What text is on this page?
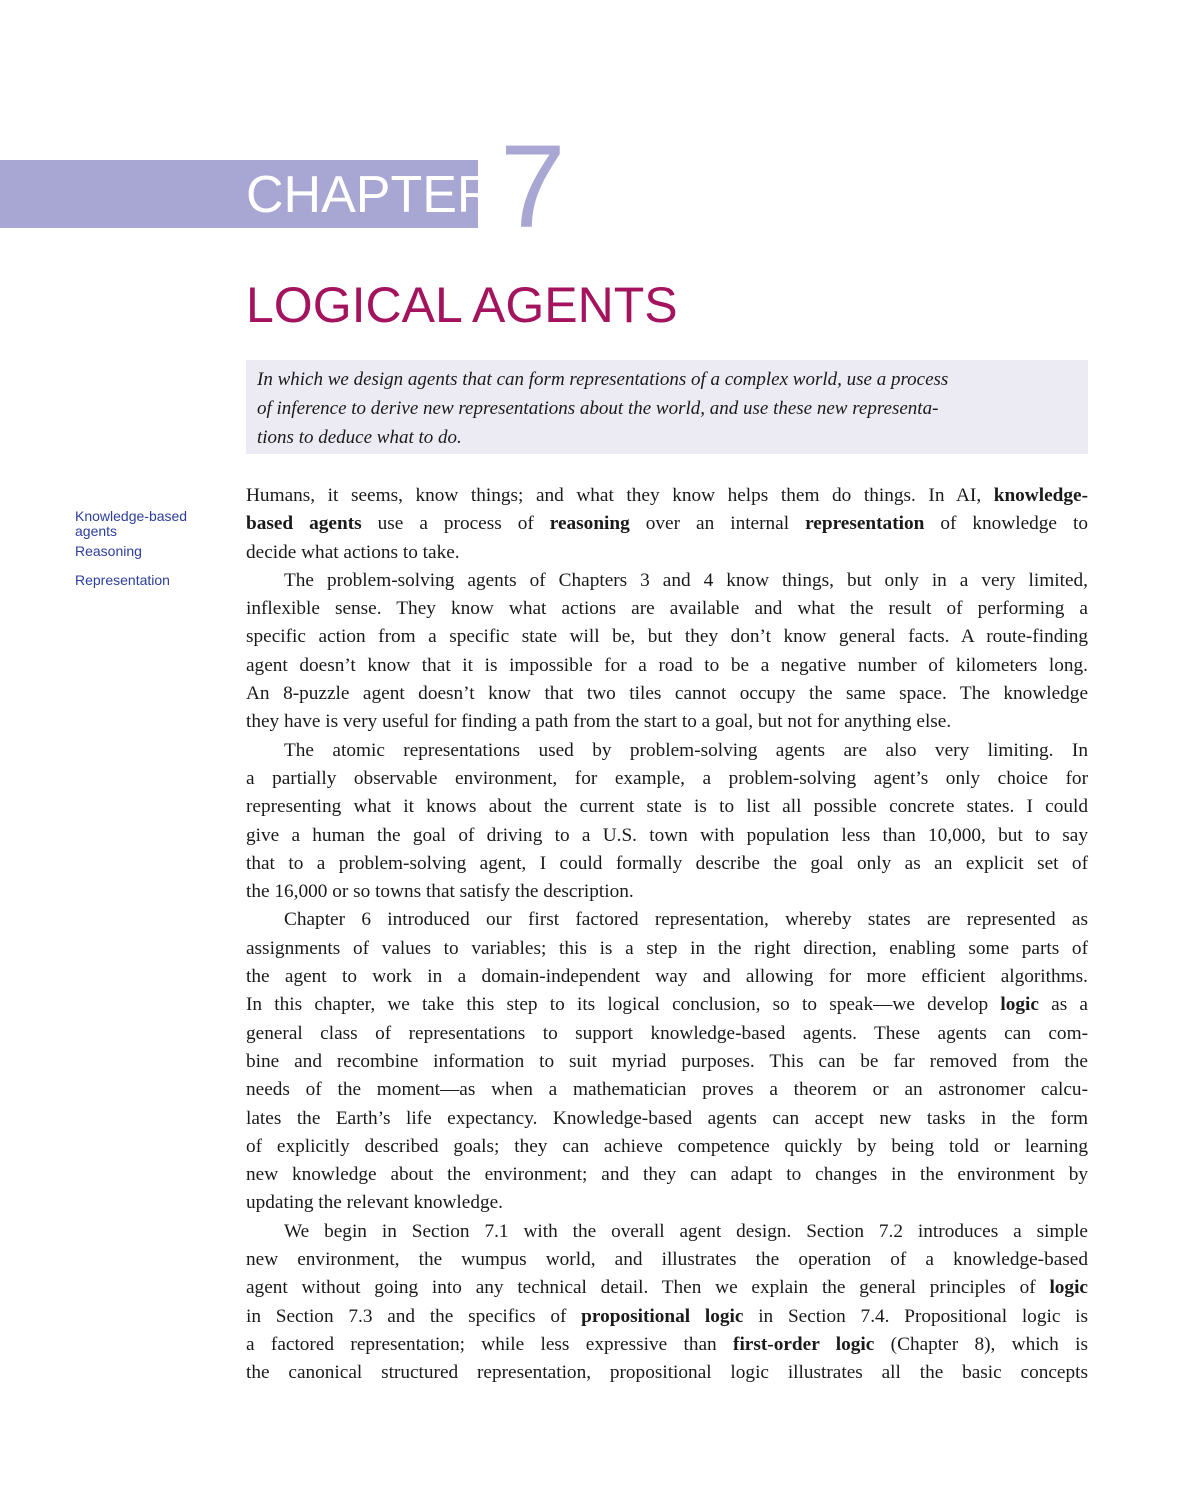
CHAPTER 7
LOGICAL AGENTS
In which we design agents that can form representations of a complex world, use a process
of inference to derive new representations about the world, and use these new representa-
tions to deduce what to do.
Knowledge-based
agents
Reasoning
Representation
Humans, it seems, know things; and what they know helps them do things. In AI, knowledge-
based agents use a process of reasoning over an internal representation of knowledge to
decide what actions to take.
The problem-solving agents of Chapters 3 and 4 know things, but only in a very limited,
inflexible sense. They know what actions are available and what the result of performing a
specific action from a specific state will be, but they don’t know general facts. A route-finding
agent doesn’t know that it is impossible for a road to be a negative number of kilometers long.
An 8-puzzle agent doesn’t know that two tiles cannot occupy the same space. The knowledge
they have is very useful for finding a path from the start to a goal, but not for anything else.
The atomic representations used by problem-solving agents are also very limiting. In
a partially observable environment, for example, a problem-solving agent’s only choice for
representing what it knows about the current state is to list all possible concrete states. I could
give a human the goal of driving to a U.S. town with population less than 10,000, but to say
that to a problem-solving agent, I could formally describe the goal only as an explicit set of
the 16,000 or so towns that satisfy the description.
Chapter 6 introduced our first factored representation, whereby states are represented as
assignments of values to variables; this is a step in the right direction, enabling some parts of
the agent to work in a domain-independent way and allowing for more efficient algorithms.
In this chapter, we take this step to its logical conclusion, so to speak—we develop logic as a
general class of representations to support knowledge-based agents. These agents can com-
bine and recombine information to suit myriad purposes. This can be far removed from the
needs of the moment—as when a mathematician proves a theorem or an astronomer calcu-
lates the Earth’s life expectancy. Knowledge-based agents can accept new tasks in the form
of explicitly described goals; they can achieve competence quickly by being told or learning
new knowledge about the environment; and they can adapt to changes in the environment by
updating the relevant knowledge.
We begin in Section 7.1 with the overall agent design. Section 7.2 introduces a simple
new environment, the wumpus world, and illustrates the operation of a knowledge-based
agent without going into any technical detail. Then we explain the general principles of logic
in Section 7.3 and the specifics of propositional logic in Section 7.4. Propositional logic is
a factored representation; while less expressive than first-order logic (Chapter 8), which is
the canonical structured representation, propositional logic illustrates all the basic concepts
